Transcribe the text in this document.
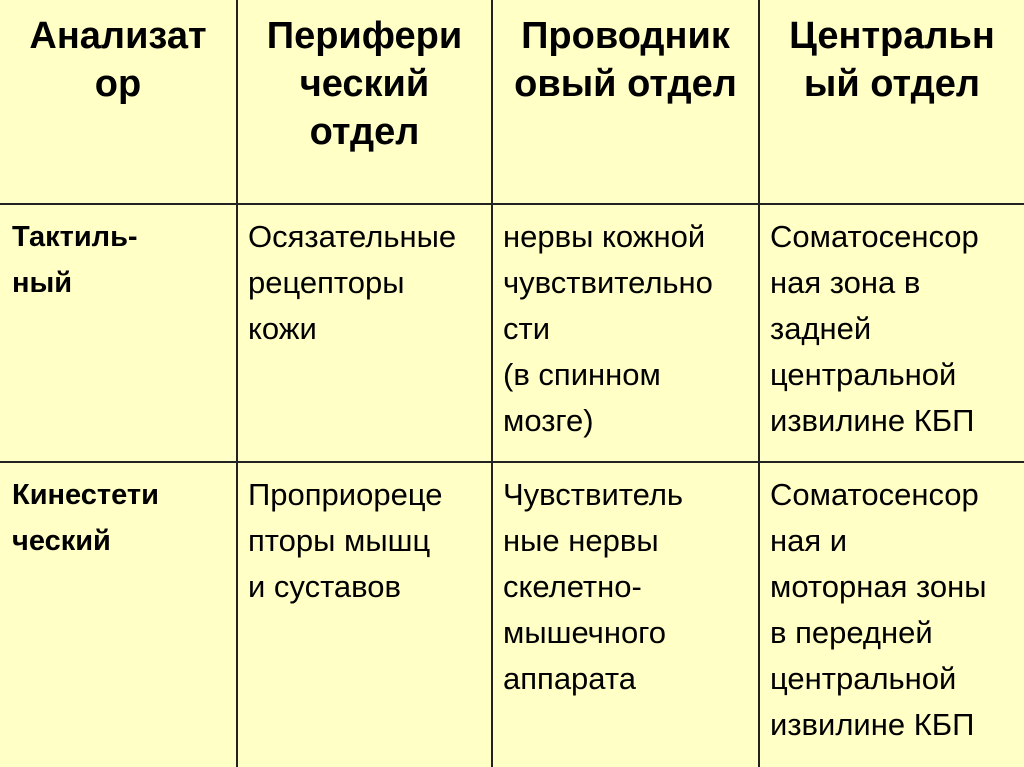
Анализат
ор
Перифери
ческий
отдел
Проводник
овый отдел
Центральн
ый отдел
Тактиль-
ный
Осязательные
рецепторы
кожи
нервы кожной
чувствительно
сти
(в спинном
мозге)
Соматосенсор
ная зона в
задней
центральной
извилине КБП
Кинестети
ческий
Проприореце
пторы мышц
и суставов
Чувствитель
ные нервы
скелетно-
мышечного
аппарата
Соматосенсор
ная и
моторная зоны
в передней
центральной
извилине КБП
